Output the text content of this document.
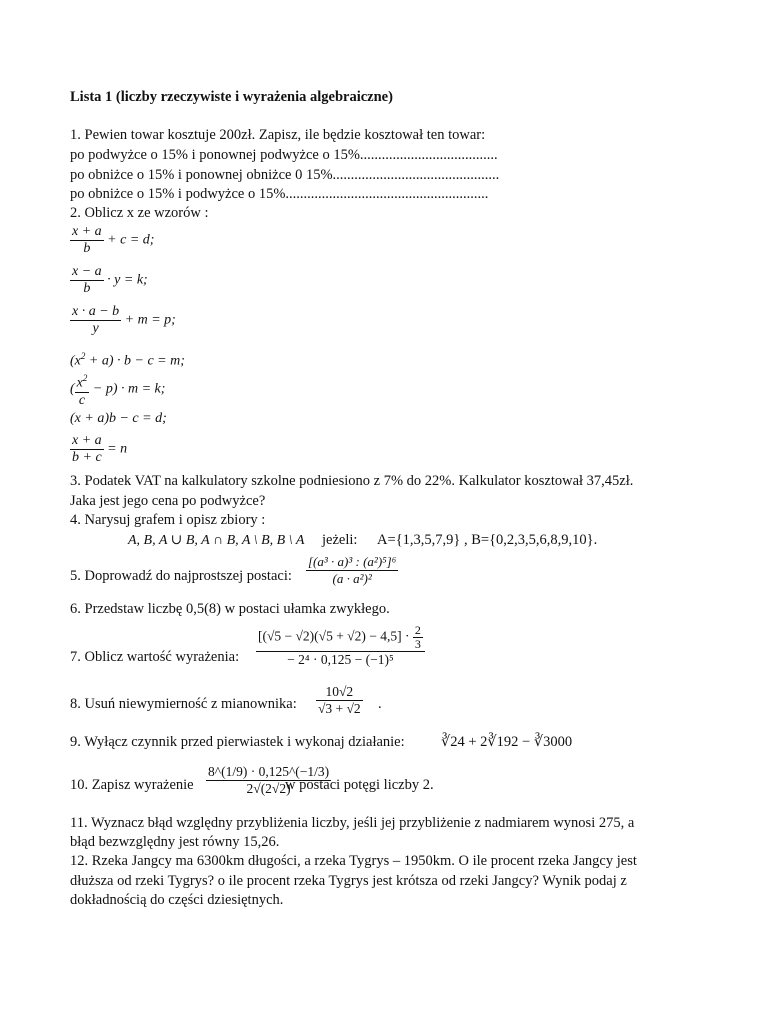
Lista 1 (liczby rzeczywiste i wyrażenia algebraiczne)
1. Pewien towar kosztuje 200zł. Zapisz, ile będzie kosztował ten towar:
po podwyżce o 15% i ponownej podwyżce o 15%......................................
po obniżce o 15% i ponownej obniżce 0 15%..............................................
po obniżce o 15% i podwyżce o 15%........................................................
2. Oblicz x ze wzorów :
$\frac{x + a}{b} + c = d$;
$\frac{x - a}{b} \cdot y = k$;
$\frac{x \cdot a - b}{y} + m = p$;
$(x^2 + a) \cdot b - c = m$;
( $\frac{x^2}{c} - p) \cdot m = k$;
(x + a)b − c = d;
$\frac{x + a}{b + c} = n$
3. Podatek VAT na kalkulatory szkolne podniesiono z 7% do 22%. Kalkulator kosztował 37,45zł.
Jaka jest jego cena po podwyżce?
4. Narysuj grafem i opisz zbiory :
A, B, A ∪ B, A ∩ B, A \ B, B \ A jeżeli: A={1,3,5,7,9} , B={0,2,3,5,6,8,9,10}.
5. Doprowadź do najprostszej postaci: $\frac{\text{[(a³ · a)³ : (a²)⁵]⁶}}{\text{(a · a²)²}}$
6. Przedstaw liczbę 0,5(8) w postaci ułamka zwykłego.
7. Oblicz wartość wyrażenia: $\frac{[(√5 - √2)(√5 + √2) - 4,5] \cdot \frac{2}{3}}{\text{− 2⁴ · 0,125 − (−1)⁵}}$
8. Usuń niewymierność z mianownika: $\frac{10√2}{√3 + √2}$ .
9. Wyłącz czynnik przed pierwiastek i wykonaj działanie:	∛24 + 2∛192 − ∛3000
10. Zapisz wyrażenie $\frac{8\^{}(1/9) \cdot 0,125\^{}(-1/3)}{2√(2√2)}$
w postaci potęgi liczby 2.
11. Wyznacz błąd względny przybliżenia liczby, jeśli jej przybliżenie z nadmiarem wynosi 275, a
błąd bezwzględny jest równy 15,26.
12. Rzeka Jangcy ma 6300km długości, a rzeka Tygrys – 1950km. O ile procent rzeka Jangcy jest
dłuższa od rzeki Tygrys? o ile procent rzeka Tygrys jest krótsza od rzeki Jangcy? Wynik podaj z
dokładnością do części dziesiętnych.
